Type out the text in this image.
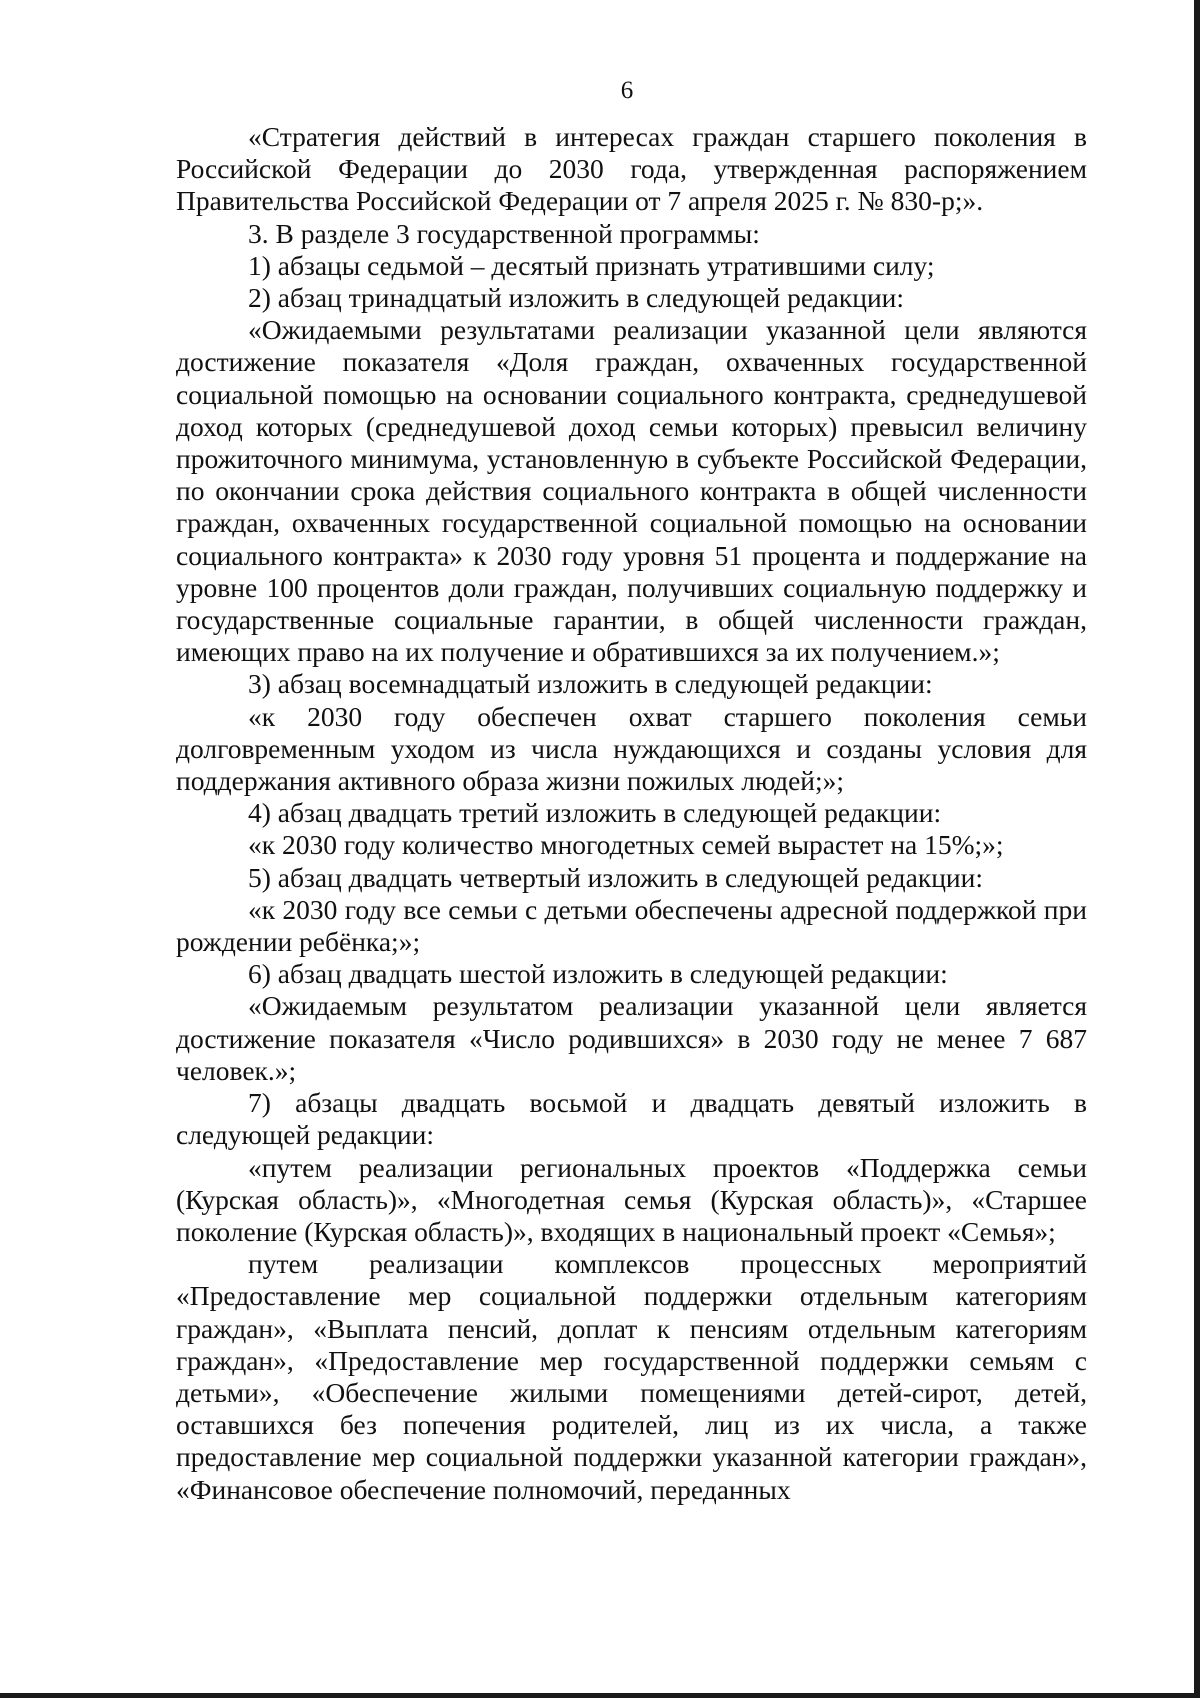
6

«Стратегия действий в интересах граждан старшего поколения в Российской Федерации до 2030 года, утвержденная распоряжением Правительства Российской Федерации от 7 апреля 2025 г. № 830-р;».

3. В разделе 3 государственной программы:

1) абзацы седьмой – десятый признать утратившими силу;

2) абзац тринадцатый изложить в следующей редакции:

«Ожидаемыми результатами реализации указанной цели являются достижение показателя «Доля граждан, охваченных государственной социальной помощью на основании социального контракта, среднедушевой доход которых (среднедушевой доход семьи которых) превысил величину прожиточного минимума, установленную в субъекте Российской Федерации, по окончании срока действия социального контракта в общей численности граждан, охваченных государственной социальной помощью на основании социального контракта» к 2030 году уровня 51 процента и поддержание на уровне 100 процентов доли граждан, получивших социальную поддержку и государственные социальные гарантии, в общей численности граждан, имеющих право на их получение и обратившихся за их получением.»;

3) абзац восемнадцатый изложить в следующей редакции:

«к 2030 году обеспечен охват старшего поколения семьи долговременным уходом из числа нуждающихся и созданы условия для поддержания активного образа жизни пожилых людей;»;

4) абзац двадцать третий изложить в следующей редакции:

«к 2030 году количество многодетных семей вырастет на 15%;»;

5) абзац двадцать четвертый изложить в следующей редакции:

«к 2030 году все семьи с детьми обеспечены адресной поддержкой при рождении ребёнка;»;

6) абзац двадцать шестой изложить в следующей редакции:

«Ожидаемым результатом реализации указанной цели является достижение показателя «Число родившихся» в 2030 году не менее 7 687 человек.»;

7) абзацы двадцать восьмой и двадцать девятый изложить в следующей редакции:

«путем реализации региональных проектов «Поддержка семьи (Курская область)», «Многодетная семья (Курская область)», «Старшее поколение (Курская область)», входящих в национальный проект «Семья»;

путем реализации комплексов процессных мероприятий «Предоставление мер социальной поддержки отдельным категориям граждан», «Выплата пенсий, доплат к пенсиям отдельным категориям граждан», «Предоставление мер государственной поддержки семьям с детьми», «Обеспечение жилыми помещениями детей-сирот, детей, оставшихся без попечения родителей, лиц из их числа, а также предоставление мер социальной поддержки указанной категории граждан», «Финансовое обеспечение полномочий, переданных
